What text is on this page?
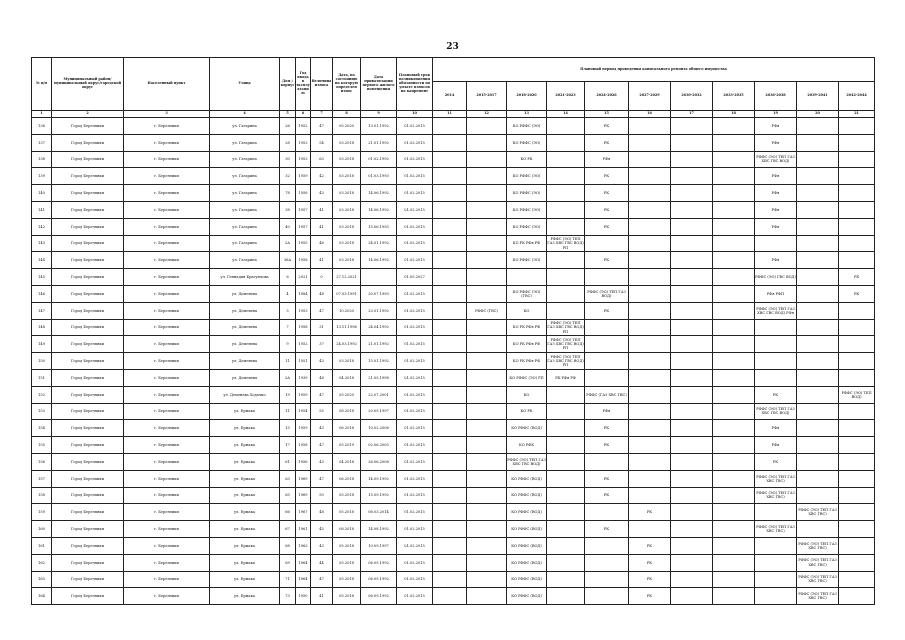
23
№ п/п	Муниципальный район/ муниципальный округ/городской округ	Населенный пункт	Улица	Дом / корпус	Год ввода в эксплуатацию	Величина износа	Дата, по состоянию на которую определен износ	Дата приватизации первого жилого помещения	Плановый срок возникновения обязанности по уплате взносов на капремонт	Плановый период проведения капитального ремонта общего имущества										
										2014	2015-2017	2018-2020	2021-2023	2024-2026	2027-2029	2030-2032	2033-2035	2036-2038	2039-2041	2042-2044
1	2	3	4	5	6	7	8	9	10	11	12	13	14	15	16	17	18	19	20	21
136	Город Березники	г. Березники	ул. Гагарина	26	1952	47	05.2020	13.01.1992	01.02.2015			КО РФФС (ЭО)		РК				РФя		
137	Город Березники	г. Березники	ул. Гагарина	28	1952	54	03.2018	21.01.1992	01.02.2015			КО РФФС (ЭО)		РК				РФя		
138	Город Березники	г. Березники	ул. Гагарина	30	1952	63	03.2018	01.02.1992	01.02.2015			КО РК		РФя				РФФС (ЭО) ТЕП ГАЗ ХВС ГВС ВОД)		
139	Город Березники	г. Березники	ул. Гагарина	32	1959	42	03.2018	01.03.1993	01.02.2015			КО РФФС (ЭО)		РК				РФя		
140	Город Березники	г. Березники	ул. Гагарина	78	1958	43	03.2018	14.06.1992	01.02.2015			КО РФФС (ЭО)		РК				РФя		
141	Город Березники	г. Березники	ул. Гагарина	38	1957	41	03.2018	14.06.1992	01.02.2015			КО РФФС (ЭО)		РК				РФя		
142	Город Березники	г. Березники	ул. Гагарина	40	1957	41	03.2018	15.06.1993	01.02.2015			КО РФФС (ЭО)		РК				РФя		
143	Город Березники	г. Березники	ул. Гагарина	2А	1955	46	03.2018	24.01.1992	01.02.2015			КО РК РФя РФ	РФФС (ЭО) ТЕП ГАЗ ХВС ГВС ВОД) РП							
144	Город Березники	г. Березники	ул. Гагарина	36А	1958	41	03.2018	14.06.1992	01.02.2015			КО РФФС (ЭО)		РК				РФя		
145	Город Березники	г. Березники	ул. Геннадия Брагунчова	6	2021	0	27.12.2021		01.05.2027									РФФС (ЭО) ГВС ВОД)		РК
146	Город Березники	г. Березники	ул. Деменева	4	1984	48	07.03.1991	20.07.1993	01.02.2015			КО РФФС (ЭО) (ГВС)		РФФС (ЭО) ТЕП ГАЗ ВОД)				РФя РФП		РК
147	Город Березники	г. Березники	ул. Деменева	5	1953	47	10.2020	23.01.1992	01.02.2015		РФФС (ГВС)	КО		РК				РФФС (ЭО) ТЕП ГАЗ ХВС ГВС ВОД) РФя		
148	Город Березники	г. Березники	ул. Деменева	7	1958	31	13.11.1996	24.04.1992	01.02.2015			КО РК РФя РФ	РФФС (ЭО) ТЕП ГАЗ ХВС ГВС ВОД) РП							
149	Город Березники	г. Березники	ул. Деменева	9	1952	37	24.03.1992	21.01.1992	01.02.2015			КО РК РФя РФ	РФФС (ЭО) ТЕП ГАЗ ХВС ГВС ВОД) РП							
150	Город Березники	г. Березники	ул. Деменева	11	1951	43	03.2018	15.01.1992	01.02.2015			КО РК РФя РФ	РФФС (ЭО) ТЕП ГАЗ ХВС ГВС ВОД) РП							
151	Город Березники	г. Березники	ул. Деменева	2А	1939	48	04.2018	21.05.1998	01.02.2015			КО РФФС (ЭО) РП	РК РФя РФ							
152	Город Березники	г. Березники	ул. Деменева Ходачко	19	1959	47	05.2020	22.07.2001	01.02.2015			КО		РФФС (ГАЗ ХВС ГВС)				РК		РФФС (ЭО) ТЕП ВОД)
153	Город Березники	г. Березники	ул. Ермака	11	1954	55	08.2018	20.05.1997	01.02.2015			КО РК		РФя				РФФС (ЭО) ТЕП ГАЗ ХВС ГВС ВОД)		
154	Город Березники	г. Березники	ул. Ермака	15	1959	43	06.2018	10.02.2006	01.02.2015			КО РФФС (ВОД)		РК				РФя		
155	Город Березники	г. Березники	ул. Ермака	17	1958	47	05.2019	02.06.2005	01.02.2015			КО РФК		РК				РФя		
156	Город Березники	г. Березники	ул. Ермака	61	1956	43	04.2018	26.06.2008	01.02.2015			РФФС (ЭО) ТЕП ГАЗ ХВС ГВС ВОД)						РК		
157	Город Березники	г. Березники	ул. Ермака	63	1969	47	06.2018	14.09.1992	01.02.2015			КО РФФС (ВОД)		РК				РФФС (ЭО) ТЕП ГАЗ ХВС ГВС)		
158	Город Березники	г. Березники	ул. Ермака	65	1969	50	05.2018	15.09.1992	01.02.2015			КО РФФС (ВОД)		РК				РФФС (ЭО) ТЕП ГАЗ ХВС ГВС)		
159	Город Березники	г. Березники	ул. Ермака	66	1967	48	05.2018	06.03.2014	01.02.2015			КО РФФС (ВОД)			РК				РФФС (ЭО) ТЕП ГАЗ ХВС ГВС)	
160	Город Березники	г. Березники	ул. Ермака	67	1961	45	08.2018	14.08.1992	01.02.2015			КО РФФС (ВОД)		РК				РФФС (ЭО) ТЕП ГАЗ ХВС ГВС)		
161	Город Березники	г. Березники	ул. Ермака	68	1963	43	05.2018	10.09.1997	01.02.2015			КО РФФС (ВОД)			РК				РФФС (ЭО) ТЕП ГАЗ ХВС ГВС)	
162	Город Березники	г. Березники	ул. Ермака	69	1964	44	05.2018	06.05.1992	01.02.2015			КО РФФС (ВОД)			РК				РФФС (ЭО) ТЕП ГАЗ ХВС ГВС)	
163	Город Березники	г. Березники	ул. Ермака	71	1964	47	05.2018	06.05.1992	01.02.2015			КО РФФС (ВОД)			РК				РФФС (ЭО) ТЕП ГАЗ ХВС ГВС)	
164	Город Березники	г. Березники	ул. Ермака	73	1950	41	05.2018	06.09.1992	01.02.2015			КО РФФС (ВОД)			РК				РФФС (ЭО) ТЕП ГАЗ ХВС ГВС)	
